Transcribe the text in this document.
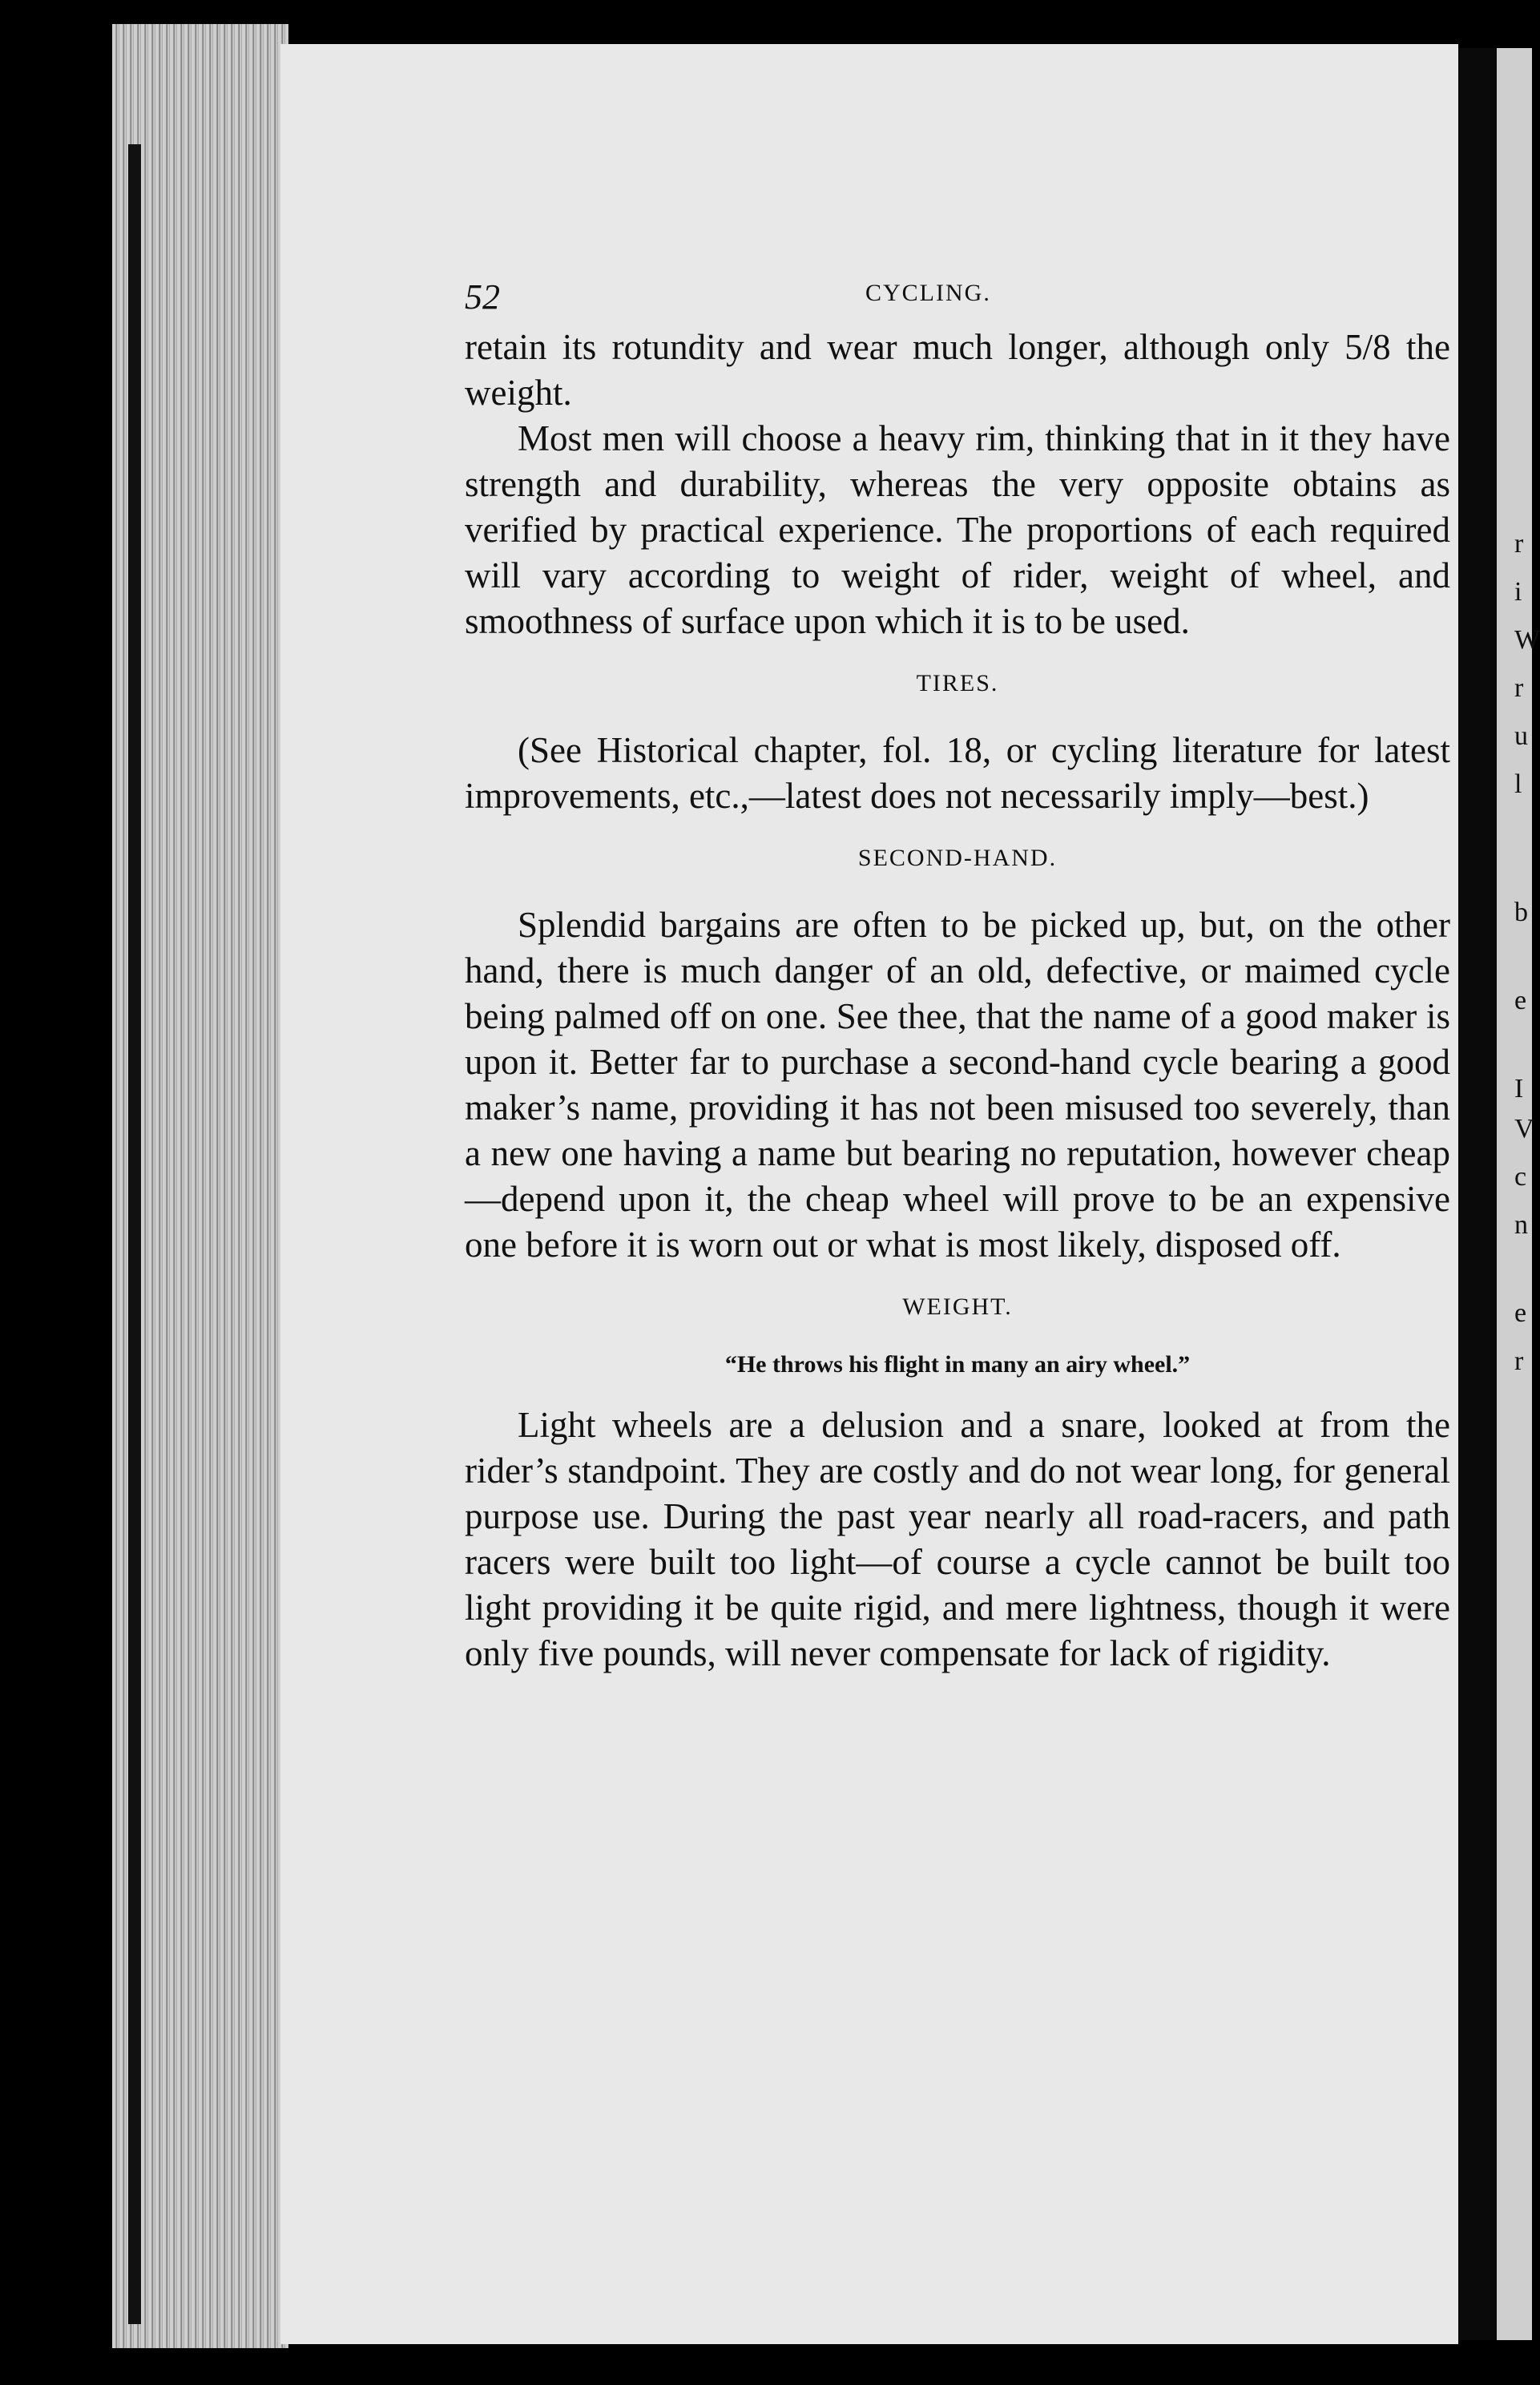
r
i
W
r
u
l
b
e
I
V
c
n
e
r
52	CYCLING.

retain its rotundity and wear much longer, although only 5/8 the weight.

Most men will choose a heavy rim, thinking that in it they have strength and durability, whereas the very opposite obtains as verified by practical experience. The proportions of each required will vary according to weight of rider, weight of wheel, and smoothness of surface upon which it is to be used.

TIRES.

(See Historical chapter, fol. 18, or cycling literature for latest improvements, etc.,—latest does not necessarily imply—best.)

SECOND-HAND.

Splendid bargains are often to be picked up, but, on the other hand, there is much danger of an old, defective, or maimed cycle being palmed off on one. See thee, that the name of a good maker is upon it. Better far to purchase a second-hand cycle bearing a good maker’s name, providing it has not been misused too severely, than a new one having a name but bearing no reputation, however cheap—depend upon it, the cheap wheel will prove to be an expensive one before it is worn out or what is most likely, disposed off.

WEIGHT.
“He throws his flight in many an airy wheel.”

Light wheels are a delusion and a snare, looked at from the rider’s standpoint. They are costly and do not wear long, for general purpose use. During the past year nearly all road-racers, and path racers were built too light—of course a cycle cannot be built too light providing it be quite rigid, and mere lightness, though it were only five pounds, will never compensate for lack of rigidity.
